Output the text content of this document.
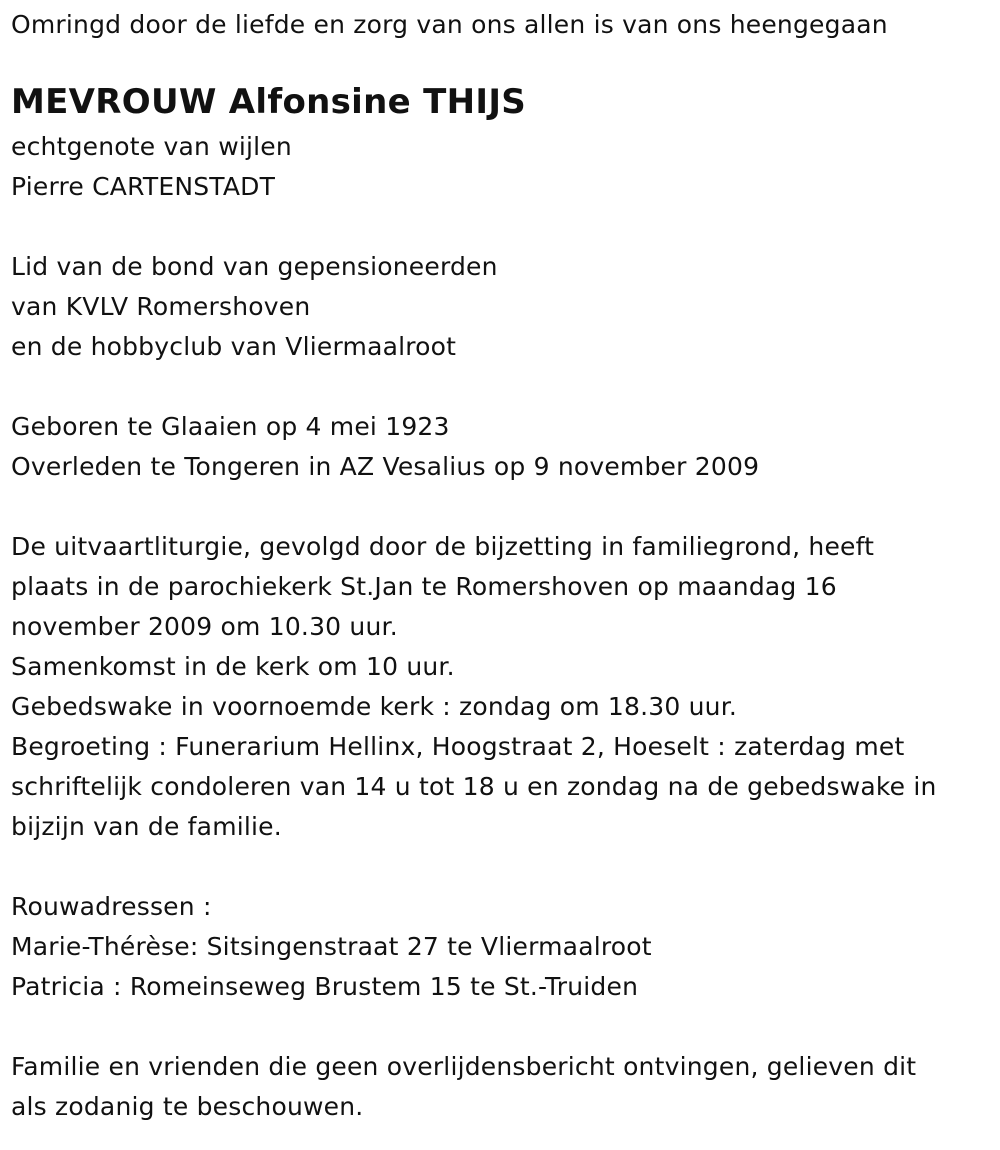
Omringd door de liefde en zorg van ons allen is van ons heengegaan
MEVROUW Alfonsine THIJS
echtgenote van wijlen
Pierre CARTENSTADT
Lid van de bond van gepensioneerden
van KVLV Romershoven
en de hobbyclub van Vliermaalroot
Geboren te Glaaien op 4 mei 1923
Overleden te Tongeren in AZ Vesalius op 9 november 2009
De uitvaartliturgie, gevolgd door de bijzetting in familiegrond, heeft
plaats in de parochiekerk St.Jan te Romershoven op maandag 16
november 2009 om 10.30 uur.
Samenkomst in de kerk om 10 uur.
Gebedswake in voornoemde kerk : zondag om 18.30 uur.
Begroeting : Funerarium Hellinx, Hoogstraat 2, Hoeselt : zaterdag met
schriftelijk condoleren van 14 u tot 18 u en zondag na de gebedswake in
bijzijn van de familie.
Rouwadressen :
Marie-Thérèse: Sitsingenstraat 27 te Vliermaalroot
Patricia : Romeinseweg Brustem 15 te St.-Truiden
Familie en vrienden die geen overlijdensbericht ontvingen, gelieven dit
als zodanig te beschouwen.
